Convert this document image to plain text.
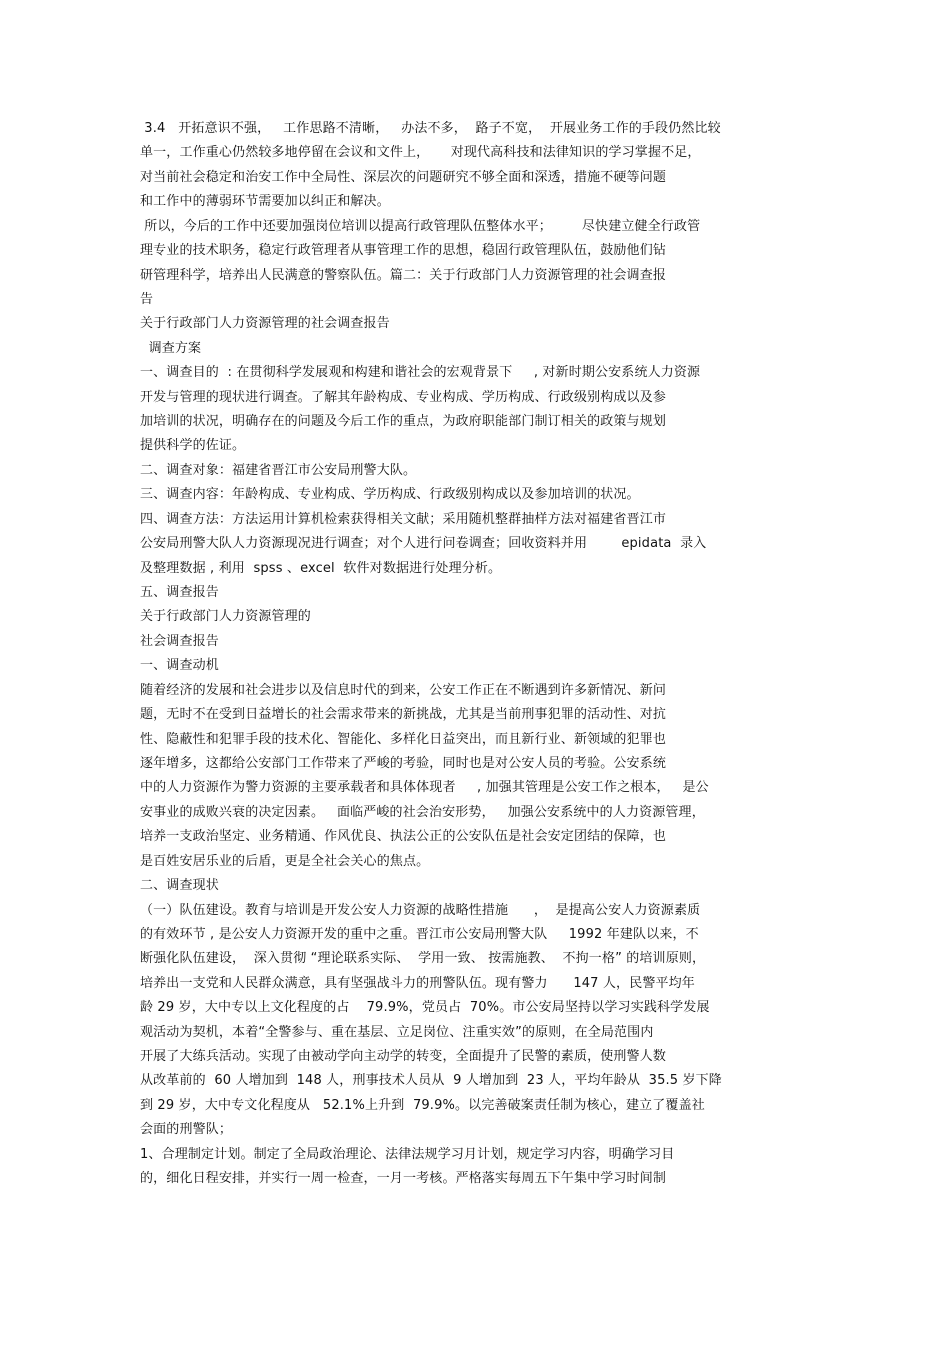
3.4   开拓意识不强，   工作思路不清晰，   办法不多，  路子不宽，  开展业务工作的手段仍然比较
单一，工作重心仍然较多地停留在会议和文件上，     对现代高科技和法律知识的学习掌握不足，
对当前社会稳定和治安工作中全局性、深层次的问题研究不够全面和深透，措施不硬等问题
和工作中的薄弱环节需要加以纠正和解决。
所以，今后的工作中还要加强岗位培训以提高行政管理队伍整体水平；       尽快建立健全行政管
理专业的技术职务，稳定行政管理者从事管理工作的思想，稳固行政管理队伍，鼓励他们钻
研管理科学，培养出人民满意的警察队伍。篇二：关于行政部门人力资源管理的社会调查报
告
关于行政部门人力资源管理的社会调查报告
调查方案
一、调查目的  : 在贯彻科学发展观和构建和谐社会的宏观背景下     , 对新时期公安系统人力资源
开发与管理的现状进行调查。了解其年龄构成、专业构成、学历构成、行政级别构成以及参
加培训的状况，明确存在的问题及今后工作的重点，为政府职能部门制订相关的政策与规划
提供科学的佐证。
二、调查对象：福建省晋江市公安局刑警大队。
三、调查内容：年龄构成、专业构成、学历构成、行政级别构成以及参加培训的状况。
四、调查方法：方法运用计算机检索获得相关文献；采用随机整群抽样方法对福建省晋江市
公安局刑警大队人力资源现况进行调查；对个人进行问卷调查；回收资料并用        epidata  录入
及整理数据 , 利用  spss 、excel  软件对数据进行处理分析。
五、调查报告
关于行政部门人力资源管理的
社会调查报告
一、调查动机
随着经济的发展和社会进步以及信息时代的到来，公安工作正在不断遇到许多新情况、新问
题，无时不在受到日益增长的社会需求带来的新挑战，尤其是当前刑事犯罪的活动性、对抗
性、隐蔽性和犯罪手段的技术化、智能化、多样化日益突出，而且新行业、新领域的犯罪也
逐年增多，这都给公安部门工作带来了严峻的考验，同时也是对公安人员的考验。公安系统
中的人力资源作为警力资源的主要承载者和具体体现者     , 加强其管理是公安工作之根本，   是公
安事业的成败兴衰的决定因素。   面临严峻的社会治安形势，   加强公安系统中的人力资源管理，
培养一支政治坚定、业务精通、作风优良、执法公正的公安队伍是社会安定团结的保障，也
是百姓安居乐业的后盾，更是全社会关心的焦点。
二、调查现状
（一）队伍建设。教育与培训是开发公安人力资源的战略性措施      ，  是提高公安人力资源素质
的有效环节 , 是公安人力资源开发的重中之重。晋江市公安局刑警大队     1992 年建队以来，不
断强化队伍建设，  深入贯彻 “理论联系实际、  学用一致、 按需施教、  不拘一格” 的培训原则，
培养出一支党和人民群众满意，具有坚强战斗力的刑警队伍。现有警力      147 人，民警平均年
龄 29 岁，大中专以上文化程度的占    79.9%，党员占  70%。市公安局坚持以学习实践科学发展
观活动为契机，本着“全警参与、重在基层、立足岗位、注重实效”的原则，在全局范围内
开展了大练兵活动。实现了由被动学向主动学的转变，全面提升了民警的素质，使刑警人数
从改革前的  60 人增加到  148 人，刑事技术人员从  9 人增加到  23 人，平均年龄从  35.5 岁下降
到 29 岁，大中专文化程度从   52.1%上升到  79.9%。以完善破案责任制为核心，建立了覆盖社
会面的刑警队；
1、合理制定计划。制定了全局政治理论、法律法规学习月计划，规定学习内容，明确学习目
的，细化日程安排，并实行一周一检查，一月一考核。严格落实每周五下午集中学习时间制
